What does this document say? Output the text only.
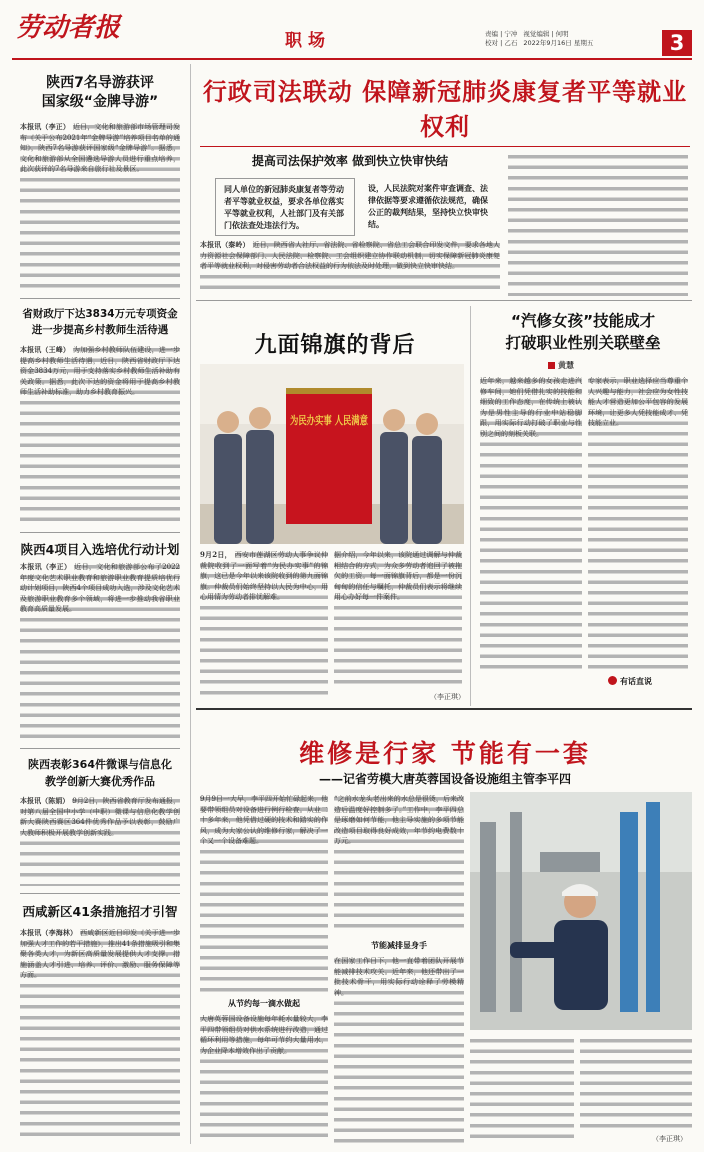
劳动者报	职场	责编 | 宁冲 视觉编辑 | 何明
校对 | 乙石 2022年9月16日 星期五	3
陕西7名导游获评
国家级“金牌导游”
本报讯（李正） 近日，文化和旅游部市场管理司发布《关于公布2021年“金牌导游”培养项目名单的通知》，陕西7名导游获评国家级“金牌导游”。据悉，文化和旅游部从全国遴选导游人员进行重点培养，此次获评的7名导游来自旅行社及景区。
省财政厅下达3834万元专项资金
进一步提高乡村教师生活待遇
本报讯（王峰） 为加强乡村教师队伍建设，进一步提高乡村教师生活待遇，近日，陕西省财政厅下达资金3834万元，用于支持落实乡村教师生活补助有关政策。据悉，此次下达的资金将用于提高乡村教师生活补助标准，助力乡村教育振兴。
陕西4项目入选培优行动计划
本报讯（李正） 近日，文化和旅游部公布了2022年度文化艺术职业教育和旅游职业教育提质培优行动计划项目，陕西4个项目成功入选，涉及文化艺术及旅游职业教育多个领域，将进一步推动我省职业教育高质量发展。
陕西表彰364件微课与信息化
教学创新大赛优秀作品
本报讯（陈娟） 9月2日，陕西省教育厅发布通报，对第八届全国中小学（中职）微课与信息化教学创新大赛陕西赛区364件优秀作品予以表彰，鼓励广大教师积极开展教学创新实践。
西咸新区41条措施招才引智
本报讯（李海林） 西咸新区近日印发《关于进一步加强人才工作的若干措施》，推出41条措施吸引和集聚各类人才，为新区高质量发展提供人才支撑。措施涵盖人才引进、培养、评价、激励、服务保障等方面。
行政司法联动 保障新冠肺炎康复者平等就业权利
提高司法保护效率 做到快立快审快结
同人单位的新冠肺炎康复者等劳动者平等就业权益，要求各单位落实平等就业权利，人社部门及有关部门依法查处违法行为。
设，人民法院对案件审查调查、法律依据等要求遵循依法规范，确保公正的裁判结果，坚持快立快审快结。
本报讯（秦岭） 近日，陕西省人社厅、省法院、省检察院、省总工会联合印发文件，要求各地人力资源社会保障部门、人民法院、检察院、工会组织建立协作联动机制，切实保障新冠肺炎康复者平等就业权利，对侵害劳动者合法权益的行为依法及时处理，做到快立快审快结。
九面锦旗的背后
为民办实事 人民满意
9月2日， 西安市莲湖区劳动人事争议仲裁院收到了一面写着“为民办实事”的锦旗，这已是今年以来该院收到的第九面锦旗。仲裁员们始终坚持以人民为中心，用心用情为劳动者排忧解难。
据介绍，今年以来，该院通过调解与仲裁相结合的方式，为众多劳动者追回了被拖欠的工资。每一面锦旗背后，都是一份沉甸甸的信任与嘱托，仲裁员们表示将继续用心办好每一件案件。
（李正琪）
“汽修女孩”技能成才
打破职业性别关联壁垒
黄慧
近年来，越来越多的女孩走进汽修车间，她们凭借扎实的技能和细致的工作态度，在传统上被认为是男性主导的行业中站稳脚跟，用实际行动打破了职业与性别之间的刻板关联。
专家表示，职业选择应当尊重个人兴趣与能力，社会应为女性技能人才营造更加公平包容的发展环境，让更多人凭技能成才、凭技能立业。
有话直说
维修是行家 节能有一套
——记省劳模大唐英蓉国设备设施组主管李平四
9月9日一大早，李平四开始忙碌起来，他要带领组员对设备进行例行检查。从业二十多年来，他凭借过硬的技术和踏实的作风，成为大家公认的维修行家，解决了一个又一个设备难题。
从节约每一滴水做起
大唐英蓉国设备设施每年耗水量较大，李平四带领组员对供水系统进行改造，通过循环利用等措施，每年可节约大量用水，为企业降本增效作出了贡献。
“之前水龙头老出来的水总是很烫，后来改造后温度好控制多了。”工作中，李平四总是琢磨如何节能，他主导实施的多项节能改造项目取得良好成效，年节约电费数十万元。
节能减排显身手
在国家工作日下，他一直带着团队开展节能减排技术攻关。近年来，他还带出了一批技术骨干，用实际行动诠释了劳模精神。
（李正琪）
